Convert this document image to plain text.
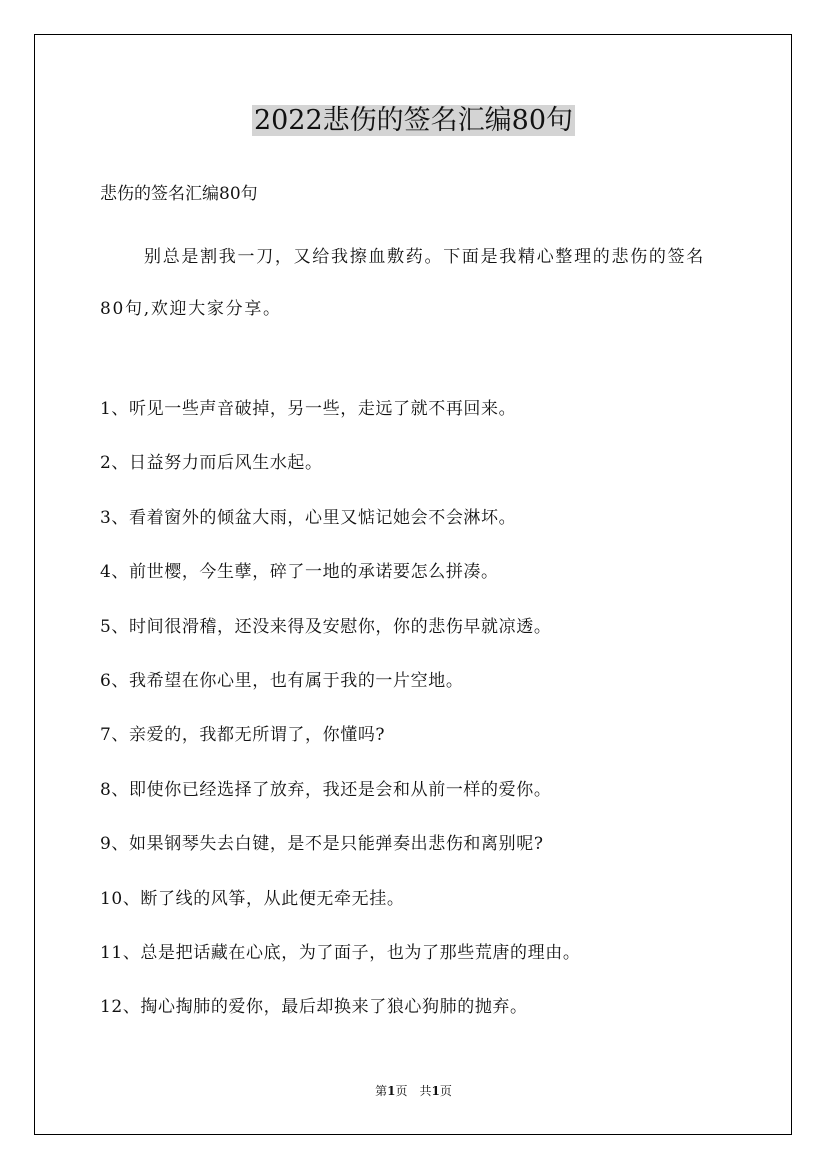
2022悲伤的签名汇编80句
悲伤的签名汇编80句
别总是割我一刀，又给我擦血敷药。下面是我精心整理的悲伤的签名80句,欢迎大家分享。
1、听见一些声音破掉，另一些，走远了就不再回来。
2、日益努力而后风生水起。
3、看着窗外的倾盆大雨，心里又惦记她会不会淋坏。
4、前世樱，今生孽，碎了一地的承诺要怎么拼凑。
5、时间很滑稽，还没来得及安慰你，你的悲伤早就凉透。
6、我希望在你心里，也有属于我的一片空地。
7、亲爱的，我都无所谓了，你懂吗?
8、即使你已经选择了放弃，我还是会和从前一样的爱你。
9、如果钢琴失去白键，是不是只能弹奏出悲伤和离别呢?
10、断了线的风筝，从此便无牵无挂。
11、总是把话藏在心底，为了面子，也为了那些荒唐的理由。
12、掏心掏肺的爱你，最后却换来了狼心狗肺的抛弃。
第1页 共1页
